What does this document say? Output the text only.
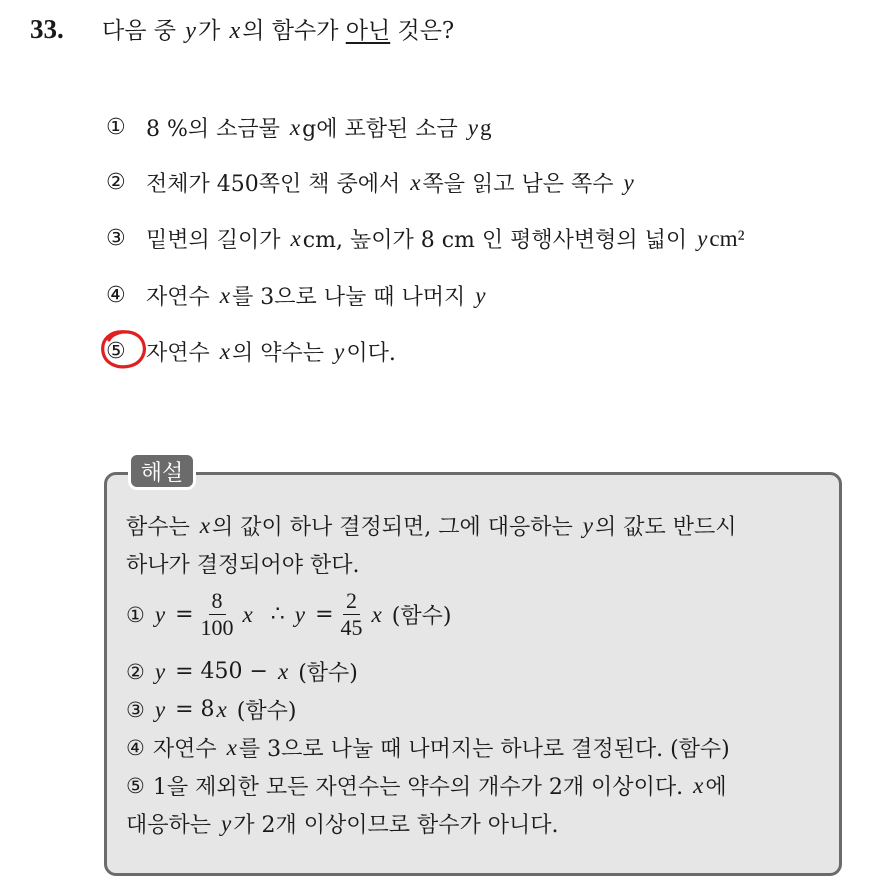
33.	다음 중 y가 x의 함수가 아닌 것은?
① 8 %의 소금물 x g에 포함된 소금 y g
② 전체가 450쪽인 책 중에서 x 쪽을 읽고 남은 쪽수 y
③ 밑변의 길이가 x cm, 높이가 8 cm 인 평행사변형의 넓이 y cm²
④ 자연수 x 를 3으로 나눌 때 나머지 y
⑤ 자연수 x 의 약수는 y 이다.
해설
함수는 x 의 값이 하나 결정되면, 그에 대응하는 y 의 값도 반드시
하나가 결정되어야 한다.
① $y = \frac{8}{100}$ x ∴ $y = \frac{2}{45}$ x (함수)
② y = 450 − x (함수)
③ y = 8 x (함수)
④ 자연수 x 를 3으로 나눌 때 나머지는 하나로 결정된다. (함수)
⑤ 1을 제외한 모든 자연수는 약수의 개수가 2개 이상이다. x 에
대응하는 y 가 2개 이상이므로 함수가 아니다.
